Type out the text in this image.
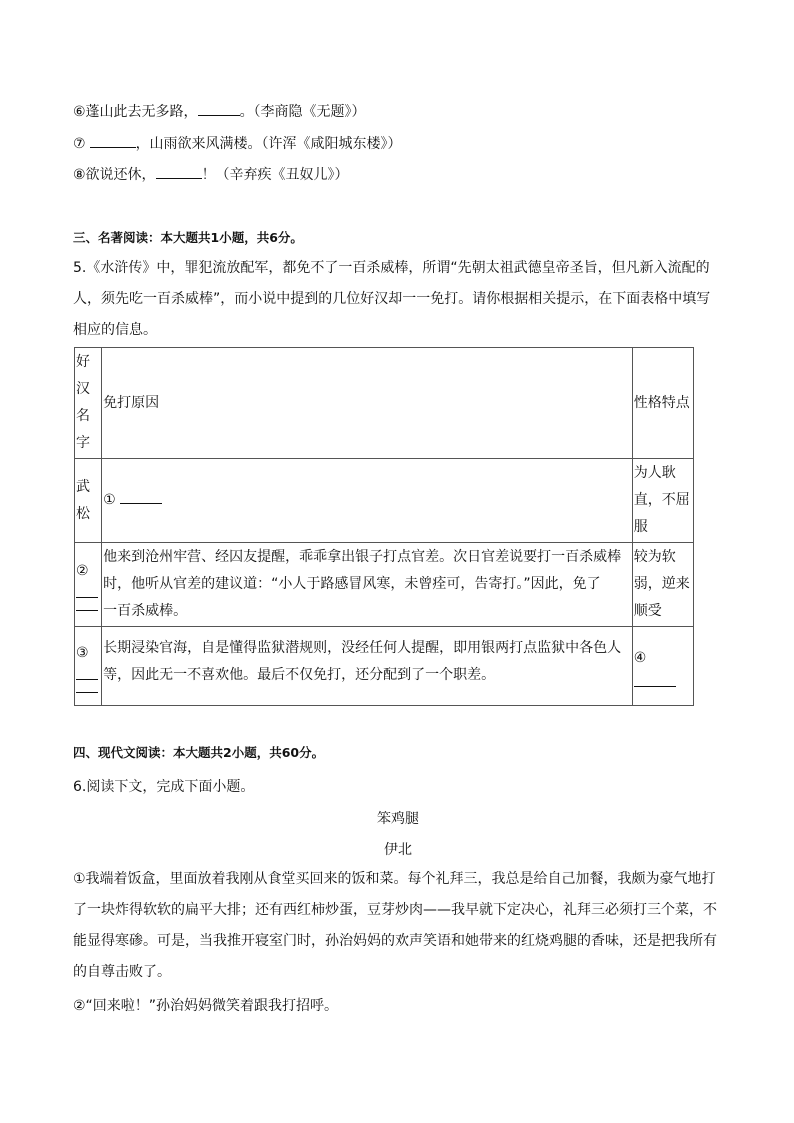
⑥蓬山此去无多路，	。（李商隐《无题》）
⑦	，山雨欲来风满楼。（许浑《咸阳城东楼》）
⑧欲说还休，	！（辛弃疾《丑奴儿》）
三、名著阅读：本大题共1小题，共6分。
5.《水浒传》中，罪犯流放配军，都免不了一百杀威棒，所谓“先朝太祖武德皇帝圣旨，但凡新入流配的
人，须先吃一百杀威棒”，而小说中提到的几位好汉却一一免打。请你根据相关提示，在下面表格中填写
相应的信息。
好
汉
名
字	免打原因	性格特点

武
松	①	为人耿
直，不屈
服

②	他来到沧州牢营、经囚友提醒，乖乖拿出银子打点官差。次日官差说要打一百杀威棒
时，他听从官差的建议道：“小人于路感冒风寒，未曾痊可，告寄打。”因此，免了
一百杀威棒。	较为软
弱，逆来
顺受

③	长期浸染官海，自是懂得监狱潜规则，没经任何人提醒，即用银两打点监狱中各色人
等，因此无一不喜欢他。最后不仅免打，还分配到了一个职差。	④
四、现代文阅读：本大题共2小题，共60分。
6.阅读下文，完成下面小题。
笨鸡腿
伊北
①我端着饭盒，里面放着我刚从食堂买回来的饭和菜。每个礼拜三，我总是给自己加餐，我颇为豪气地打
了一块炸得软软的扁平大排；还有西红柿炒蛋，豆芽炒肉——我早就下定决心，礼拜三必须打三个菜，不
能显得寒碜。可是，当我推开寝室门时，孙治妈妈的欢声笑语和她带来的红烧鸡腿的香味，还是把我所有
的自尊击败了。
②“回来啦！”孙治妈妈微笑着跟我打招呼。
